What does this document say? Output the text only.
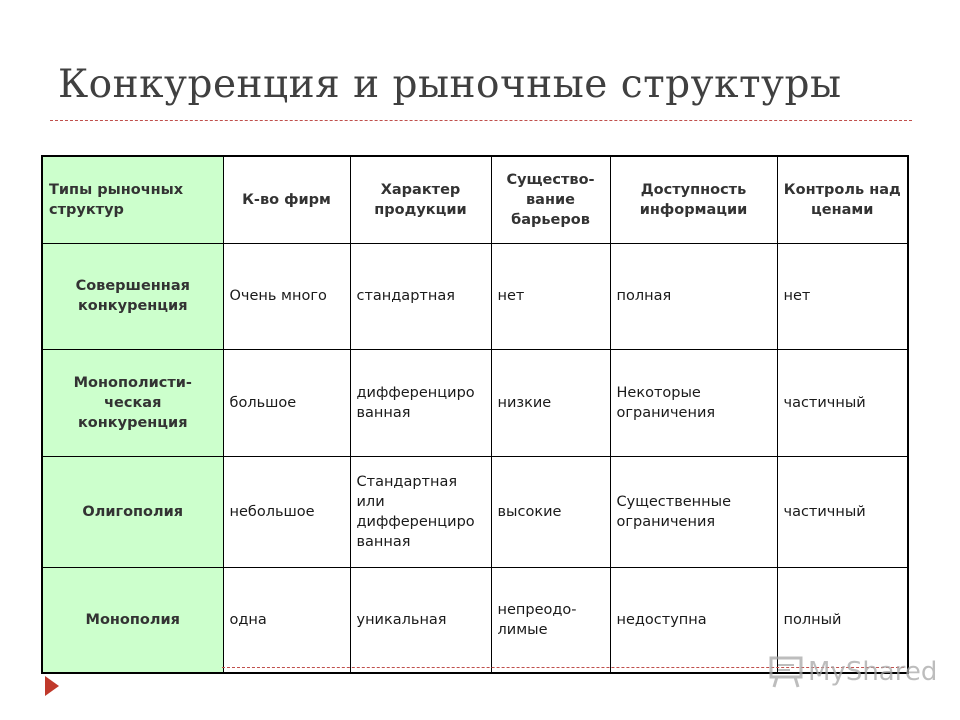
Конкуренция и рыночные структуры
Типы рыночных структур	К-во фирм	Характер продукции	Существо-вание барьеров	Доступность информации	Контроль над ценами
Совершенная конкуренция	Очень много	стандартная	нет	полная	нет
Монополисти-ческая конкуренция	большое	дифференциро ванная	низкие	Некоторые ограничения	частичный
Олигополия	небольшое	Стандартная или дифференциро ванная	высокие	Существенные ограничения	частичный
Монополия	одна	уникальная	непреодо-лимые	недоступна	полный
MyShared
